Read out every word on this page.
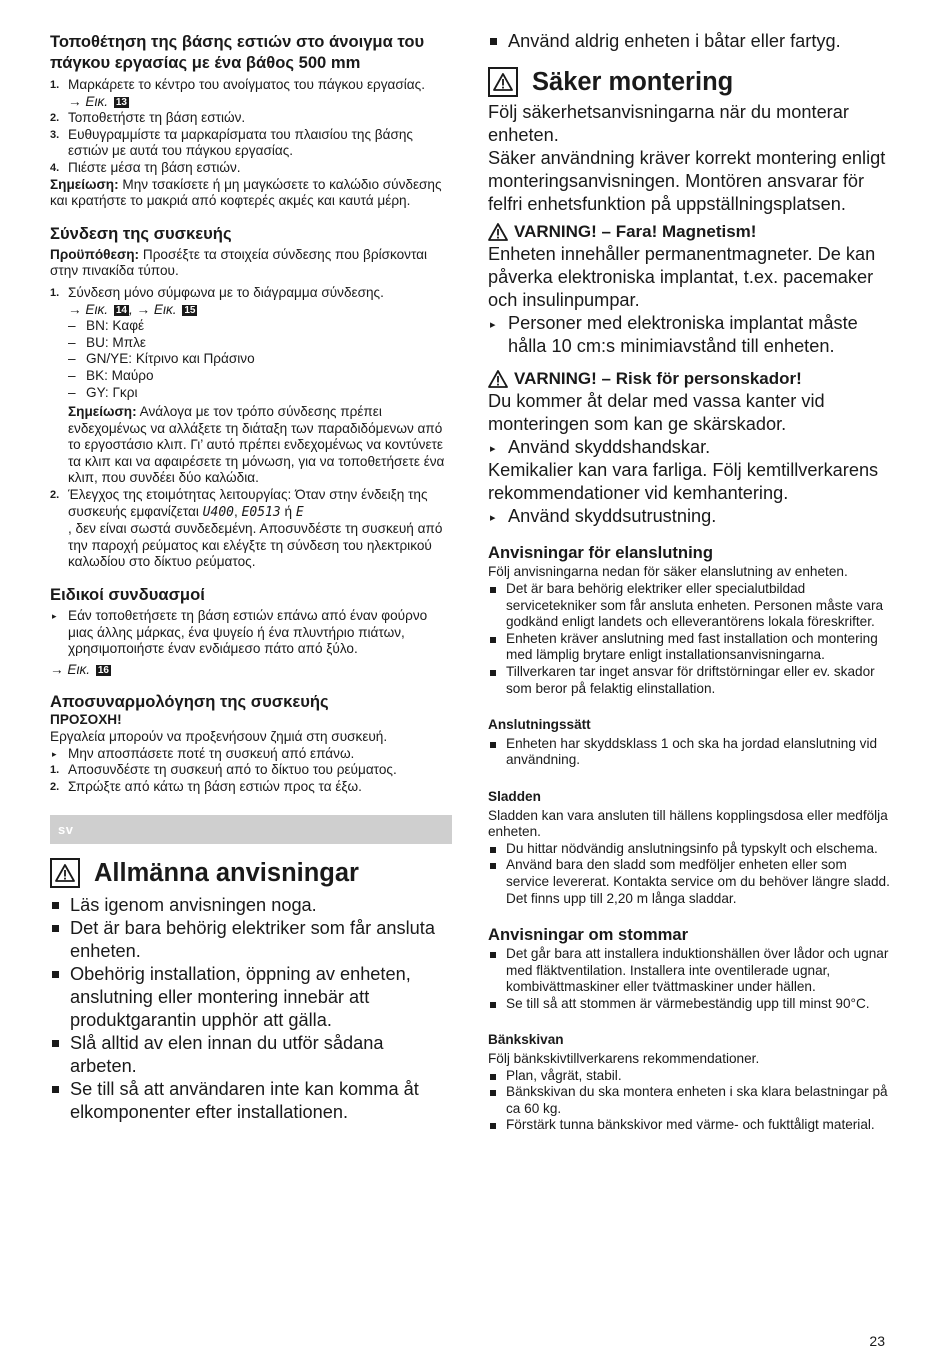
Τοποθέτηση της βάσης εστιών στο άνοιγμα του πάγκου εργασίας με ένα βάθος 500 mm
1. Μαρκάρετε το κέντρο του ανοίγματος του πάγκου εργασίας.
→ Εικ. 13
2. Τοποθετήστε τη βάση εστιών.
3. Ευθυγραμμίστε τα μαρκαρίσματα του πλαισίου της βάσης εστιών με αυτά του πάγκου εργασίας.
4. Πιέστε μέσα τη βάση εστιών.

Σημείωση: Μην τσακίσετε ή μη μαγκώσετε το καλώδιο σύνδεσης και κρατήστε το μακριά από κοφτερές ακμές και καυτά μέρη.

Σύνδεση της συσκευής

Προϋπόθεση: Προσέξτε τα στοιχεία σύνδεσης που βρίσκονται στην πινακίδα τύπου.

1. Σύνδεση μόνο σύμφωνα με το διάγραμμα σύνδεσης.
→ Εικ. 14 , → Εικ. 15
– BN: Καφέ
– BU: Μπλε
– GN/YE: Κίτρινο και Πράσινο
– BK: Μαύρο
– GY: Γκρι

Σημείωση: Ανάλογα με τον τρόπο σύνδεσης πρέπει ενδεχομένως να αλλάξετε τη διάταξη των παραδιδόμενων από το εργοστάσιο κλιπ. Γι’ αυτό πρέπει ενδεχομένως να κοντύνετε τα κλιπ και να αφαιρέσετε τη μόνωση, για να τοποθετήσετε ένα κλιπ, που συνδέει δύο καλώδια.

2. Έλεγχος της ετοιμότητας λειτουργίας: Όταν στην ένδειξη της συσκευής εμφανίζεται U400, E0513 ή E
, δεν είναι σωστά συνδεδεμένη. Αποσυνδέστε τη συσκευή από την παροχή ρεύματος και ελέγξτε τη σύνδεση του ηλεκτρικού καλωδίου στο δίκτυο ρεύματος.
Ειδικοί συνδυασμοί
▸ Εάν τοποθετήσετε τη βάση εστιών επάνω από έναν φούρνο μιας άλλης μάρκας, ένα ψυγείο ή ένα πλυντήριο πιάτων, χρησιμοποιήστε έναν ενδιάμεσο πάτο από ξύλο.

→ Εικ. 16

Αποσυναρμολόγηση της συσκευής

ΠΡΟΣΟΧΗ!

Εργαλεία μπορούν να προξενήσουν ζημιά στη συσκευή.

▸ Μην αποσπάσετε ποτέ τη συσκευή από επάνω.
1. Αποσυνδέστε τη συσκευή από το δίκτυο του ρεύματος.
2. Σπρώξτε από κάτω τη βάση εστιών προς τα έξω.
sv
Allmänna anvisningar
Läs igenom anvisningen noga.
Det är bara behörig elektriker som får ansluta enheten.
Obehörig installation, öppning av enheten, anslutning eller montering innebär att produktgarantin upphör att gälla.
Slå alltid av elen innan du utför sådana arbeten.
Se till så att användaren inte kan komma åt elkomponenter efter installationen.
Använd aldrig enheten i båtar eller fartyg.
Säker montering

Följ säkerhetsanvisningarna när du monterar enheten.

Säker användning kräver korrekt montering enligt monteringsanvisningen. Montören ansvarar för felfri enhetsfunktion på uppställningsplatsen.

VARNING! – Fara! Magnetism!

Enheten innehåller permanentmagneter. De kan påverka elektroniska implantat, t.ex. pacemaker och insulinpumpar.

▸ Personer med elektroniska implantat måste hålla 10 cm:s minimiavstånd till enheten.
VARNING! – Risk för personskador!

Du kommer åt delar med vassa kanter vid monteringen som kan ge skärskador.

▸ Använd skyddshandskar.

Kemikalier kan vara farliga. Följ kemtillverkarens rekommendationer vid kemhantering.

▸ Använd skyddsutrustning.
Anvisningar för elanslutning

Följ anvisningarna nedan för säker elanslutning av enheten.

Det är bara behörig elektriker eller specialutbildad servicetekniker som får ansluta enheten. Personen måste vara godkänd enligt landets och elleverantörens lokala föreskrifter.
Enheten kräver anslutning med fast installation och montering med lämplig brytare enligt installationsanvisningarna.
Tillverkaren tar inget ansvar för driftstörningar eller ev. skador som beror på felaktig elinstallation.
Anslutningssätt
Enheten har skyddsklass 1 och ska ha jordad elanslutning vid användning.
Sladden

Sladden kan vara ansluten till hällens kopplingsdosa eller medfölja enheten.

Du hittar nödvändig anslutningsinfo på typskylt och elschema.
Använd bara den sladd som medföljer enheten eller som service levererat. Kontakta service om du behöver längre sladd. Det finns upp till 2,20 m långa sladdar.
Anvisningar om stommar
Det går bara att installera induktionshällen över lådor och ugnar med fläktventilation. Installera inte oventilerade ugnar, kombivättmaskiner eller tvättmaskiner under hällen.
Se till så att stommen är värmebeständig upp till minst 90°C.
Bänkskivan

Följ bänkskivtillverkarens rekommendationer.

Plan, vågrät, stabil.
Bänkskivan du ska montera enheten i ska klara belastningar på ca 60 kg.
Förstärk tunna bänkskivor med värme- och fukttåligt material.
23
